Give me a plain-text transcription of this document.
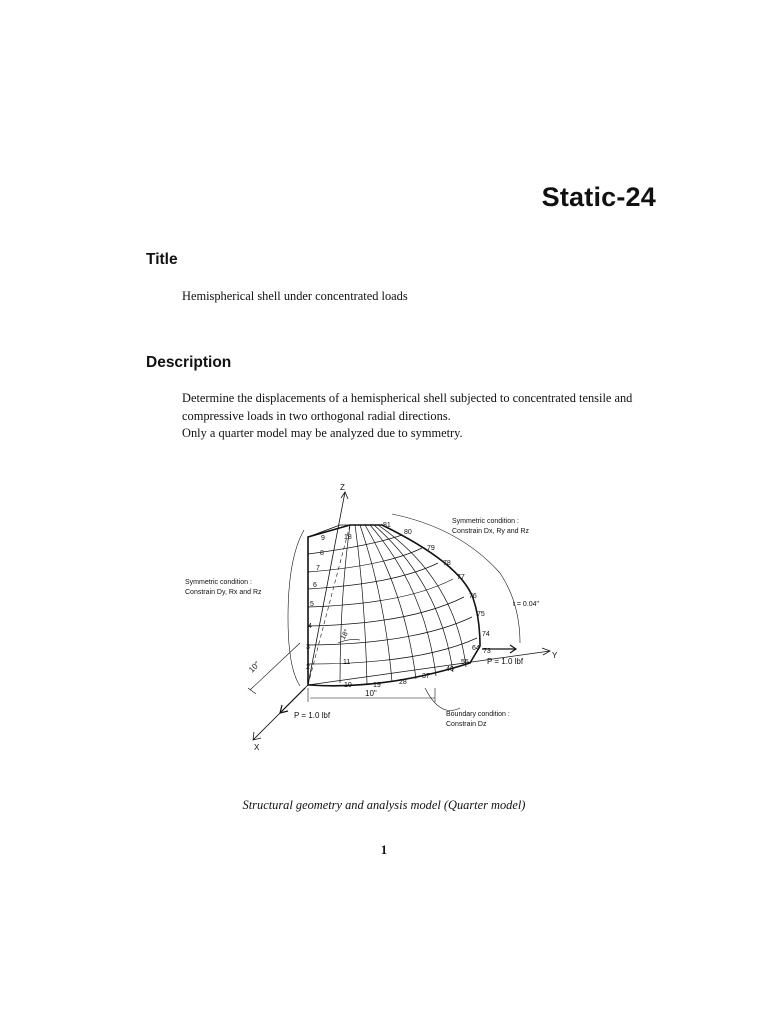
Static-24
Title
Hemispherical shell under concentrated loads
Description
Determine the displacements of a hemispherical shell subjected to concentrated tensile and
compressive loads in two orthogonal radial directions.
Only a quarter model may be analyzed due to symmetry.
Z
Y
X
10"
10"
18°
P = 1.0 lbf
P = 1.0 lbf
Symmetric condition :
Constrain Dx, Ry and Rz
Symmetric condition :
Constrain Dy, Rx and Rz
t = 0.04"
Boundary condition :
Constrain Dz
9
8
7
6
5
4
3
2
18
81
80
79
78
77
76
75
74
73
64
11
10	19	28
37
46
55
Structural geometry and analysis model (Quarter model)
1
